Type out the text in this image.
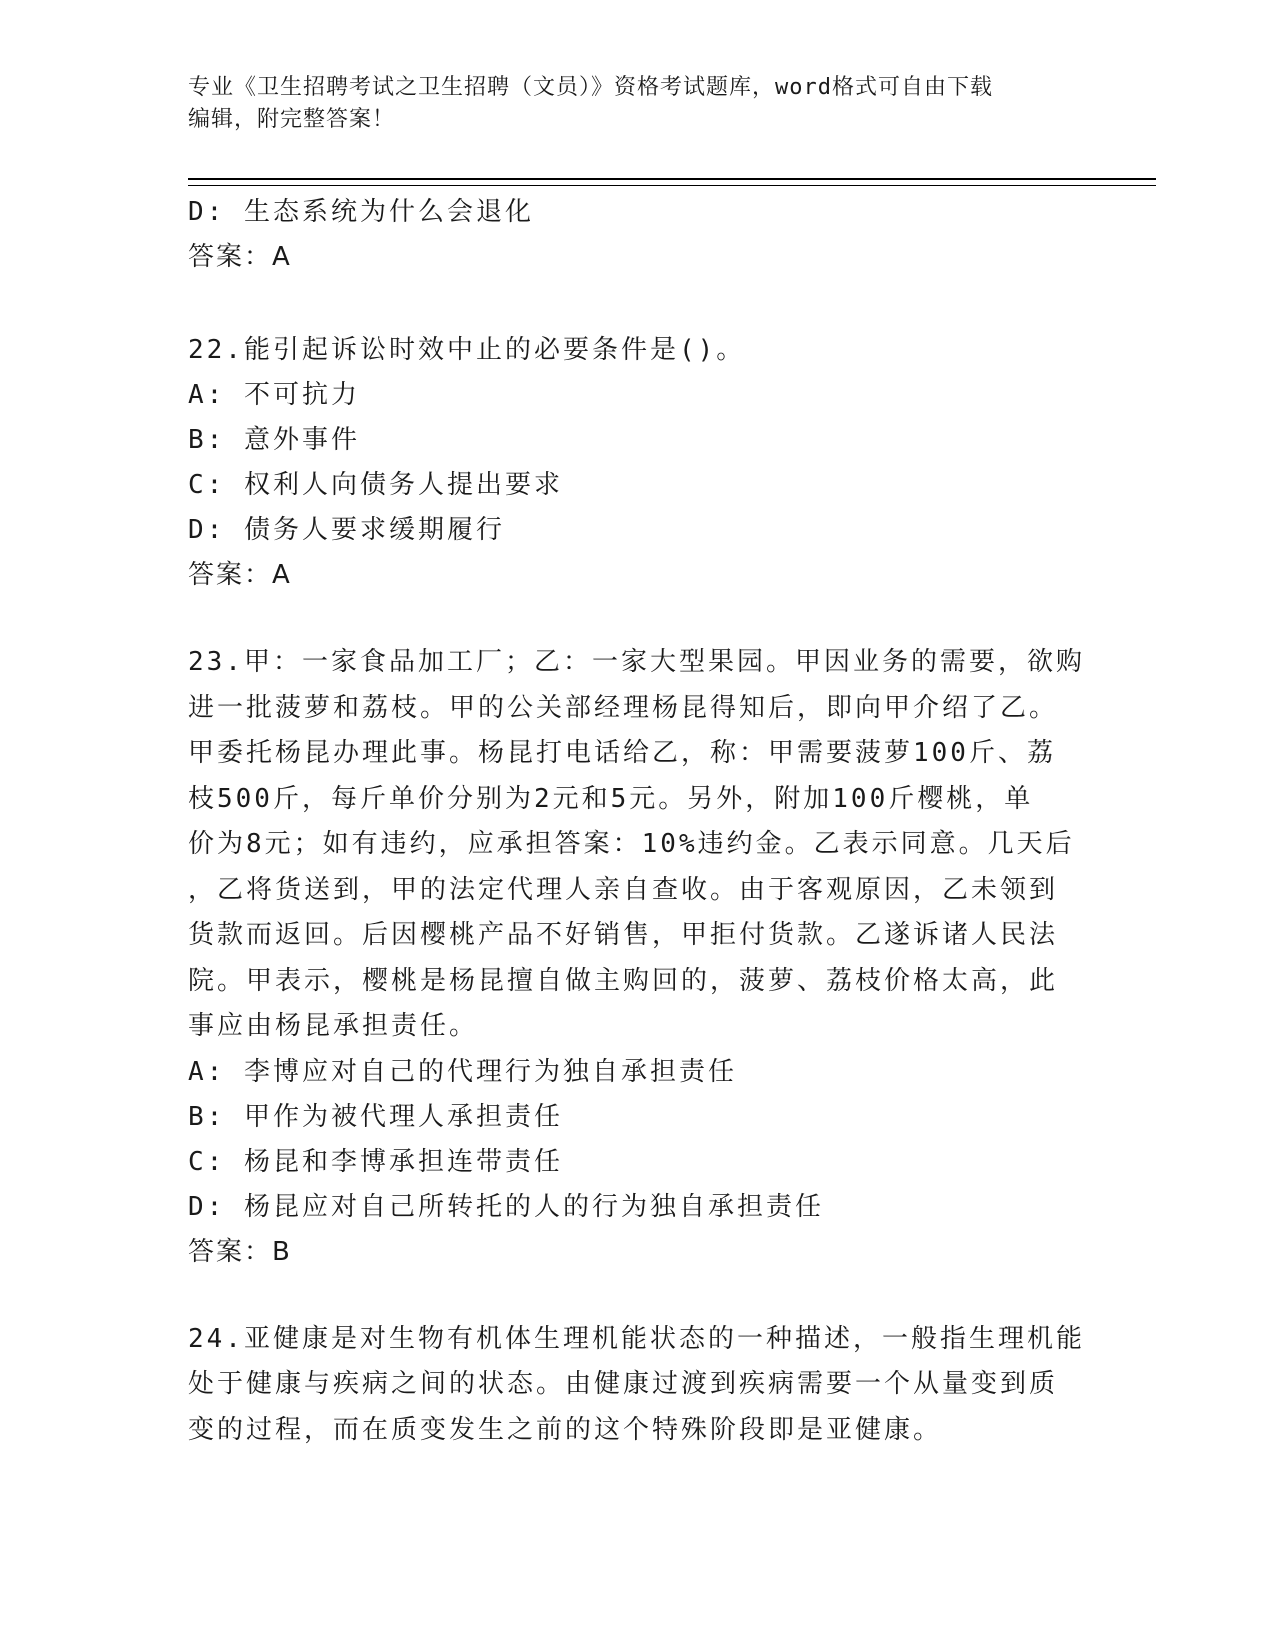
专业《卫生招聘考试之卫生招聘（文员）》资格考试题库，word格式可自由下载
编辑，附完整答案！
D: 生态系统为什么会退化
答案：A
22.能引起诉讼时效中止的必要条件是()。
A: 不可抗力
B: 意外事件
C: 权利人向债务人提出要求
D: 债务人要求缓期履行
答案：A
23.甲：一家食品加工厂；乙：一家大型果园。甲因业务的需要，欲购
进一批菠萝和荔枝。甲的公关部经理杨昆得知后，即向甲介绍了乙。
甲委托杨昆办理此事。杨昆打电话给乙，称：甲需要菠萝100斤、荔
枝500斤，每斤单价分别为2元和5元。另外，附加100斤樱桃，单
价为8元；如有违约，应承担答案：10%违约金。乙表示同意。几天后
，乙将货送到，甲的法定代理人亲自查收。由于客观原因，乙未领到
货款而返回。后因樱桃产品不好销售，甲拒付货款。乙遂诉诸人民法
院。甲表示，樱桃是杨昆擅自做主购回的，菠萝、荔枝价格太高，此
事应由杨昆承担责任。
A: 李博应对自己的代理行为独自承担责任
B: 甲作为被代理人承担责任
C: 杨昆和李博承担连带责任
D: 杨昆应对自己所转托的人的行为独自承担责任
答案：B
24.亚健康是对生物有机体生理机能状态的一种描述，一般指生理机能
处于健康与疾病之间的状态。由健康过渡到疾病需要一个从量变到质
变的过程，而在质变发生之前的这个特殊阶段即是亚健康。
